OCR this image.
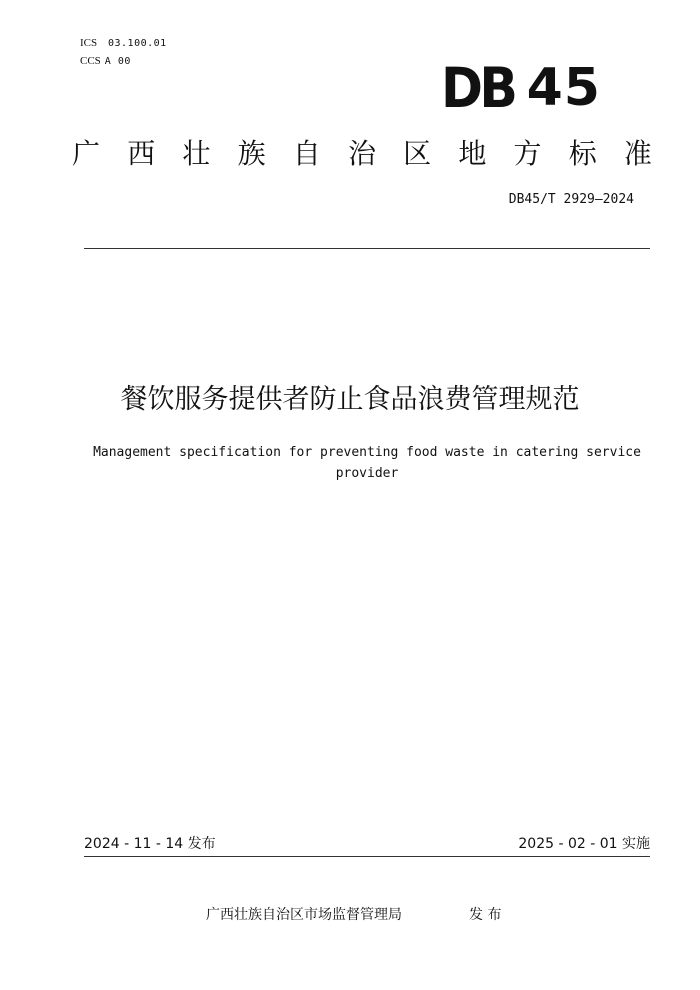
ICS 03.100.01
CCS A 00	DB 45
广 西 壮 族 自 治 区 地 方 标 准
DB45/T 2929—2024
餐饮服务提供者防止食品浪费管理规范
Management specification for preventing food waste in catering service provider
2024 - 11 - 14 发布	2025 - 02 - 01 实施
广西壮族自治区市场监督管理局	发 布
